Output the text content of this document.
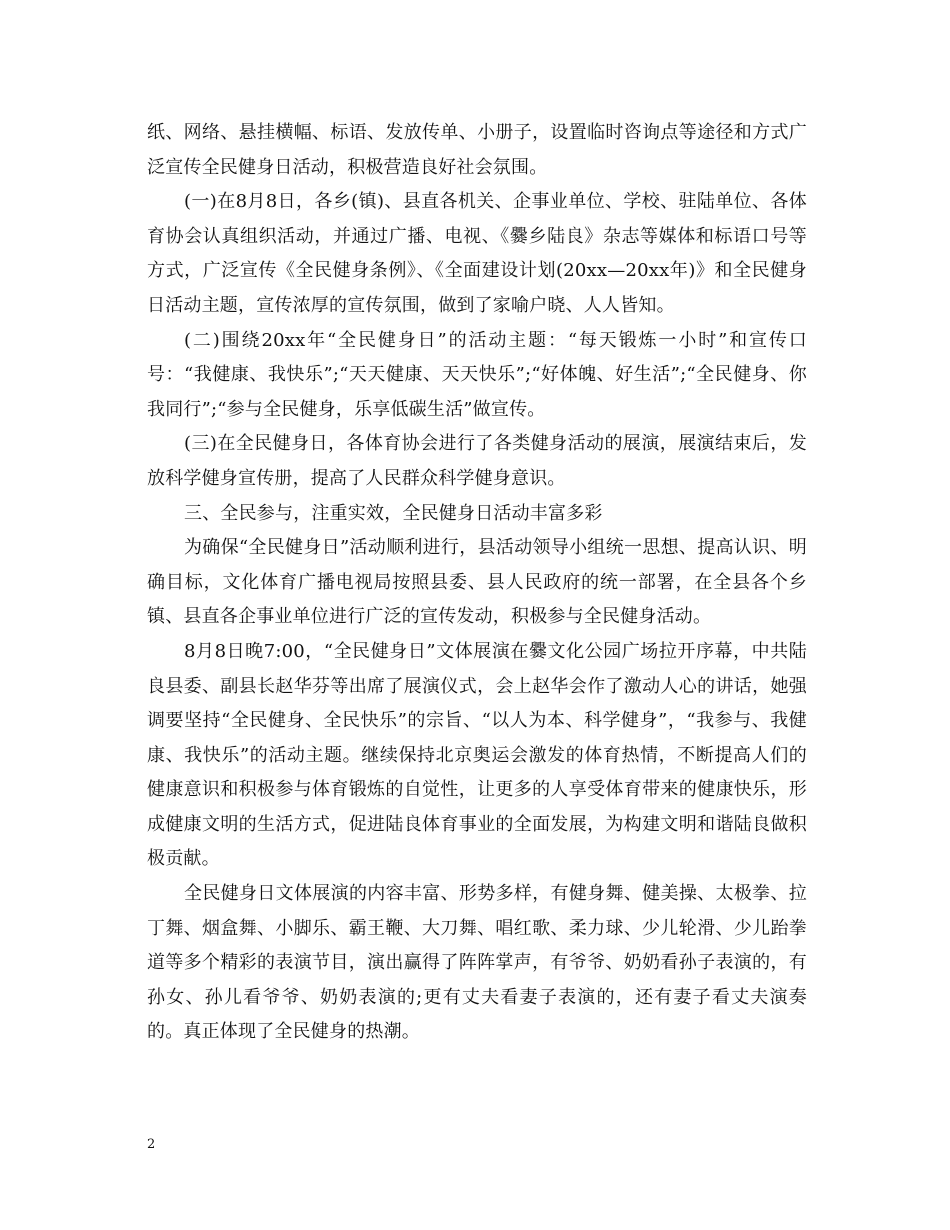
纸、网络、悬挂横幅、标语、发放传单、小册子，设置临时咨询点等途径和方式广泛宣传全民健身日活动，积极营造良好社会氛围。

(一)在8月8日，各乡(镇)、县直各机关、企事业单位、学校、驻陆单位、各体育协会认真组织活动，并通过广播、电视、《爨乡陆良》杂志等媒体和标语口号等方式，广泛宣传《全民健身条例》、《全面建设计划(20xx—20xx年)》和全民健身日活动主题，宣传浓厚的宣传氛围，做到了家喻户晓、人人皆知。

(二)围绕20xx年“全民健身日”的活动主题：“每天锻炼一小时”和宣传口号：“我健康、我快乐”;“天天健康、天天快乐”;“好体魄、好生活”;“全民健身、你我同行”;“参与全民健身，乐享低碳生活”做宣传。

(三)在全民健身日，各体育协会进行了各类健身活动的展演，展演结束后，发放科学健身宣传册，提高了人民群众科学健身意识。

三、全民参与，注重实效，全民健身日活动丰富多彩

为确保“全民健身日”活动顺利进行，县活动领导小组统一思想、提高认识、明确目标，文化体育广播电视局按照县委、县人民政府的统一部署，在全县各个乡镇、县直各企事业单位进行广泛的宣传发动，积极参与全民健身活动。

8月8日晚7:00，“全民健身日”文体展演在爨文化公园广场拉开序幕，中共陆良县委、副县长赵华芬等出席了展演仪式，会上赵华会作了激动人心的讲话，她强调要坚持“全民健身、全民快乐”的宗旨、“以人为本、科学健身”，“我参与、我健康、我快乐”的活动主题。继续保持北京奥运会激发的体育热情，不断提高人们的健康意识和积极参与体育锻炼的自觉性，让更多的人享受体育带来的健康快乐，形成健康文明的生活方式，促进陆良体育事业的全面发展，为构建文明和谐陆良做积极贡献。

全民健身日文体展演的内容丰富、形势多样，有健身舞、健美操、太极拳、拉丁舞、烟盒舞、小脚乐、霸王鞭、大刀舞、唱红歌、柔力球、少儿轮滑、少儿跆拳道等多个精彩的表演节目，演出赢得了阵阵掌声，有爷爷、奶奶看孙子表演的，有孙女、孙儿看爷爷、奶奶表演的;更有丈夫看妻子表演的，还有妻子看丈夫演奏的。真正体现了全民健身的热潮。

2
